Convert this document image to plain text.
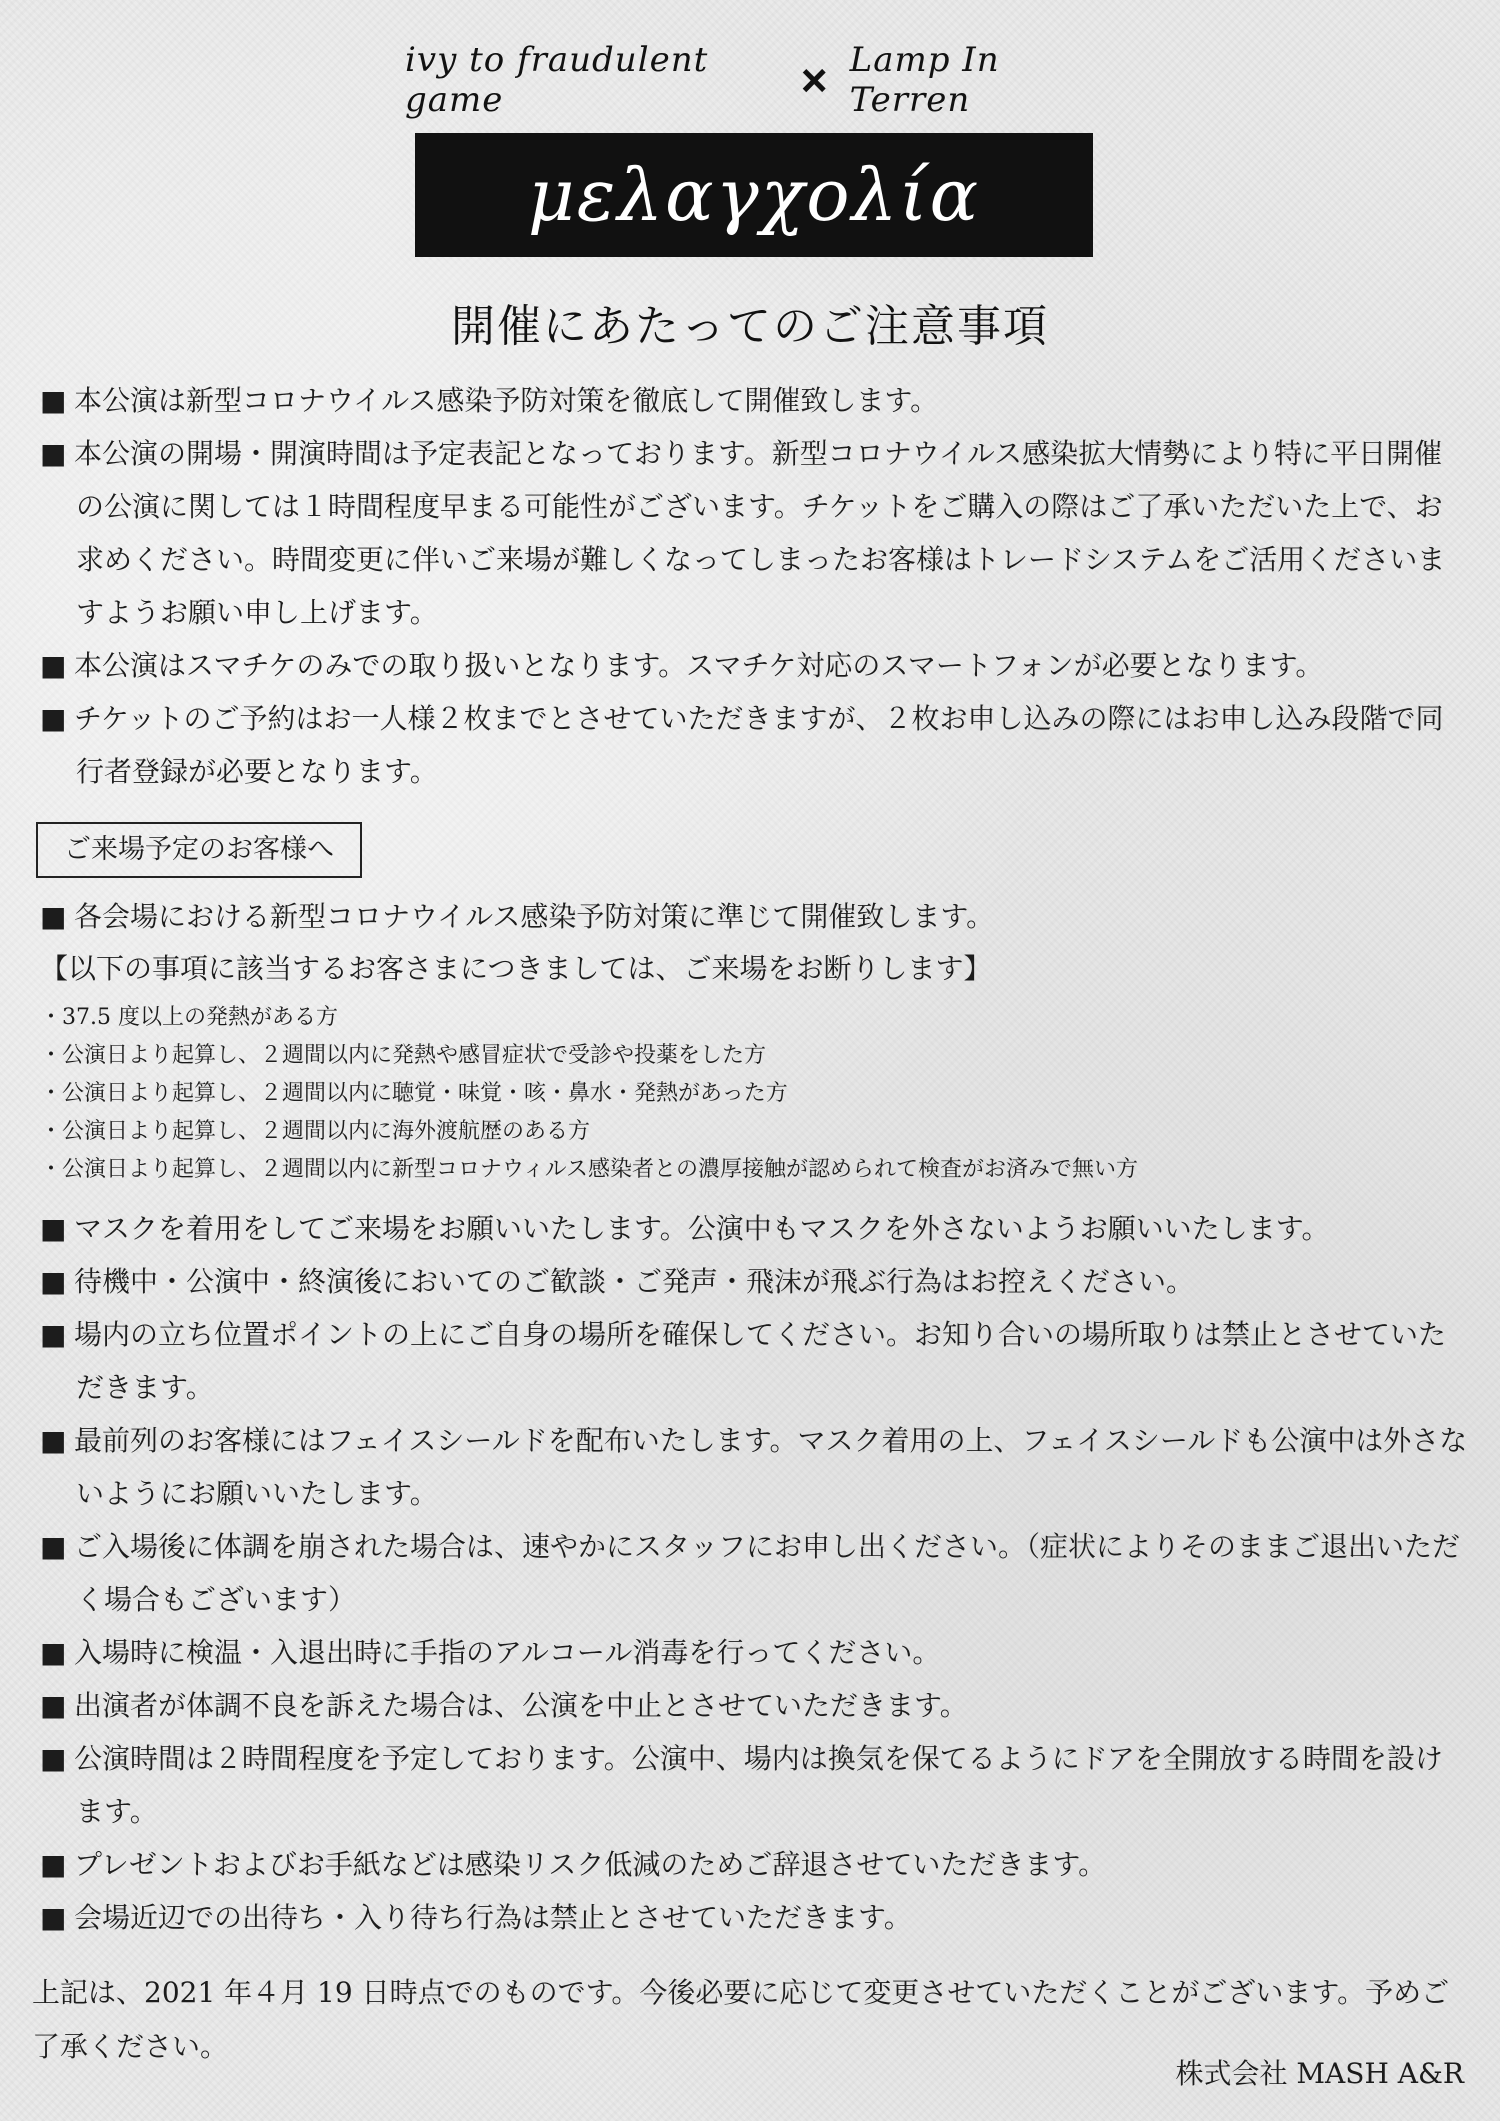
ivy to fraudulent game	× Lamp In Terren
μελαγχολία
開催にあたってのご注意事項
■ 本公演は新型コロナウイルス感染予防対策を徹底して開催致します。
■ 本公演の開場・開演時間は予定表記となっております。新型コロナウイルス感染拡大情勢により特に平日開催の公演に関しては１時間程度早まる可能性がございます。チケットをご購入の際はご了承いただいた上で、お求めください。時間変更に伴いご来場が難しくなってしまったお客様はトレードシステムをご活用くださいますようお願い申し上げます。
■ 本公演はスマチケのみでの取り扱いとなります。スマチケ対応のスマートフォンが必要となります。
■ チケットのご予約はお一人様２枚までとさせていただきますが、２枚お申し込みの際にはお申し込み段階で同行者登録が必要となります。
ご来場予定のお客様へ
■ 各会場における新型コロナウイルス感染予防対策に準じて開催致します。
【以下の事項に該当するお客さまにつきましては、ご来場をお断りします】
・37.5 度以上の発熱がある方
・公演日より起算し、２週間以内に発熱や感冒症状で受診や投薬をした方
・公演日より起算し、２週間以内に聴覚・味覚・咳・鼻水・発熱があった方
・公演日より起算し、２週間以内に海外渡航歴のある方
・公演日より起算し、２週間以内に新型コロナウィルス感染者との濃厚接触が認められて検査がお済みで無い方
■ マスクを着用をしてご来場をお願いいたします。公演中もマスクを外さないようお願いいたします。
■ 待機中・公演中・終演後においてのご歓談・ご発声・飛沫が飛ぶ行為はお控えください。
■ 場内の立ち位置ポイントの上にご自身の場所を確保してください。お知り合いの場所取りは禁止とさせていただきます。
■ 最前列のお客様にはフェイスシールドを配布いたします。マスク着用の上、フェイスシールドも公演中は外さないようにお願いいたします。
■ ご入場後に体調を崩された場合は、速やかにスタッフにお申し出ください。（症状によりそのままご退出いただく場合もございます）
■ 入場時に検温・入退出時に手指のアルコール消毒を行ってください。
■ 出演者が体調不良を訴えた場合は、公演を中止とさせていただきます。
■ 公演時間は２時間程度を予定しております。公演中、場内は換気を保てるようにドアを全開放する時間を設けます。
■ プレゼントおよびお手紙などは感染リスク低減のためご辞退させていただきます。
■ 会場近辺での出待ち・入り待ち行為は禁止とさせていただきます。
上記は、2021 年４月 19 日時点でのものです。今後必要に応じて変更させていただくことがございます。予めご了承ください。
株式会社 MASH A&R
